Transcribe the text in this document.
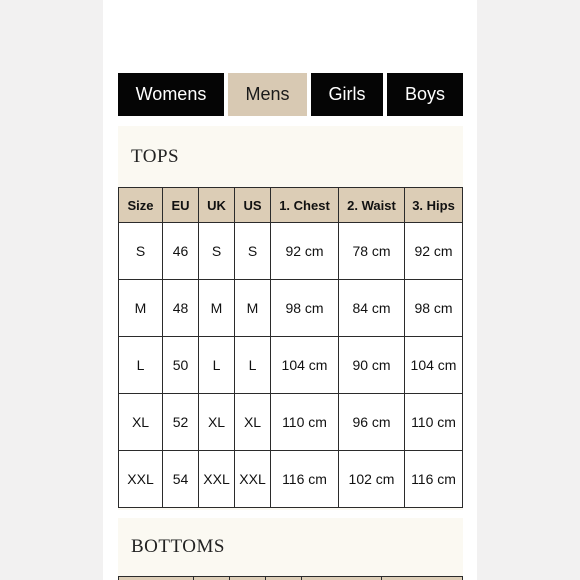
Womens	Mens	Girls	Boys
TOPS
Size	EU	UK	US	1. Chest	2. Waist	3. Hips
S	46	S	S	92 cm	78 cm	92 cm
M	48	M	M	98 cm	84 cm	98 cm
L	50	L	L	104 cm	90 cm	104 cm
XL	52	XL	XL	110 cm	96 cm	110 cm
XXL	54	XXL	XXL	116 cm	102 cm	116 cm
BOTTOMS
